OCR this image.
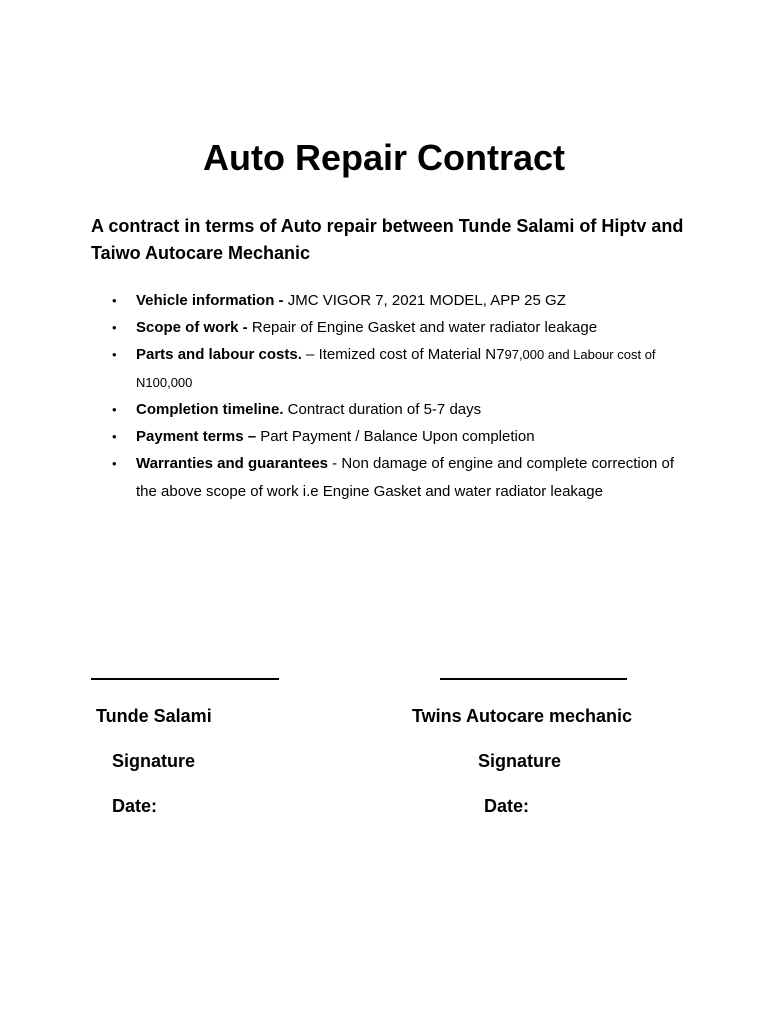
Auto Repair Contract

A contract in terms of Auto repair between Tunde Salami of Hiptv and Taiwo Autocare Mechanic

• Vehicle information - JMC VIGOR 7, 2021 MODEL, APP 25 GZ
• Scope of work - Repair of Engine Gasket and water radiator leakage
• Parts and labour costs. – Itemized cost of Material N797,000 and Labour cost of N100,000
• Completion timeline. Contract duration of 5-7 days
• Payment terms – Part Payment / Balance Upon completion
• Warranties and guarantees - Non damage of engine and complete correction of the above scope of work i.e Engine Gasket and water radiator leakage
Tunde Salami
Signature
Date:
Twins Autocare mechanic
Signature
Date:
